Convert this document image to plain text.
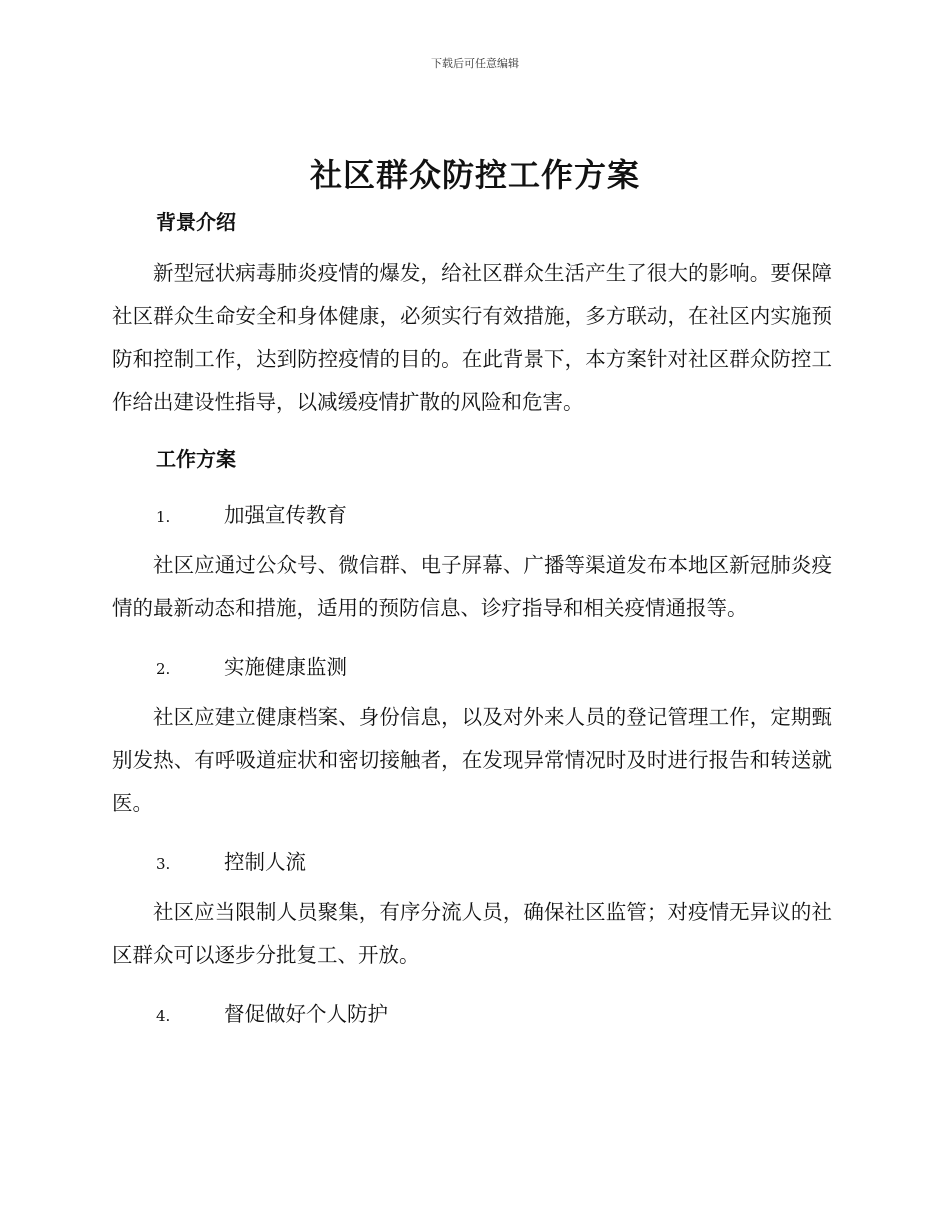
下载后可任意编辑
社区群众防控工作方案
背景介绍

新型冠状病毒肺炎疫情的爆发，给社区群众生活产生了很大的影响。要保障社区群众生命安全和身体健康，必须实行有效措施，多方联动，在社区内实施预防和控制工作，达到防控疫情的目的。在此背景下，本方案针对社区群众防控工作给出建设性指导，以减缓疫情扩散的风险和危害。

工作方案
1.	加强宣传教育

社区应通过公众号、微信群、电子屏幕、广播等渠道发布本地区新冠肺炎疫情的最新动态和措施，适用的预防信息、诊疗指导和相关疫情通报等。

2.	实施健康监测

社区应建立健康档案、身份信息，以及对外来人员的登记管理工作，定期甄别发热、有呼吸道症状和密切接触者，在发现异常情况时及时进行报告和转送就医。

3.	控制人流

社区应当限制人员聚集，有序分流人员，确保社区监管；对疫情无异议的社区群众可以逐步分批复工、开放。

4.	督促做好个人防护
